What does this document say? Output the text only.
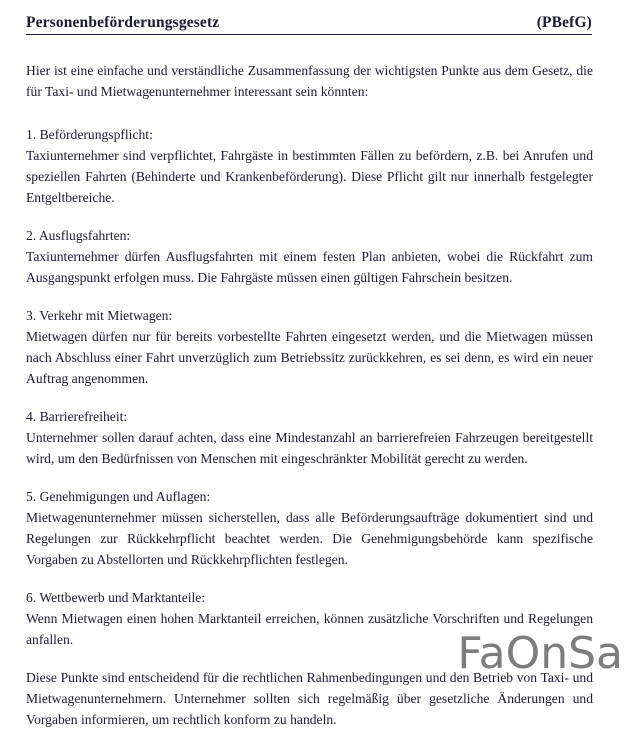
Personenbeförderungsgesetz	(PBefG)

Hier ist eine einfache und verständliche Zusammenfassung der wichtigsten Punkte aus dem Gesetz, die für Taxi- und Mietwagenunternehmer interessant sein könnten:

1. Beförderungspflicht:

Taxiunternehmer sind verpflichtet, Fahrgäste in bestimmten Fällen zu befördern, z.B. bei Anrufen und speziellen Fahrten (Behinderte und Krankenbeförderung). Diese Pflicht gilt nur innerhalb festgelegter Entgeltbereiche.

2. Ausflugsfahrten:

Taxiunternehmer dürfen Ausflugsfahrten mit einem festen Plan anbieten, wobei die Rückfahrt zum Ausgangspunkt erfolgen muss. Die Fahrgäste müssen einen gültigen Fahrschein besitzen.

3. Verkehr mit Mietwagen:

Mietwagen dürfen nur für bereits vorbestellte Fahrten eingesetzt werden, und die Mietwagen müssen nach Abschluss einer Fahrt unverzüglich zum Betriebssitz zurückkehren, es sei denn, es wird ein neuer Auftrag angenommen.

4. Barrierefreiheit:

Unternehmer sollen darauf achten, dass eine Mindestanzahl an barrierefreien Fahrzeugen bereitgestellt wird, um den Bedürfnissen von Menschen mit eingeschränkter Mobilität gerecht zu werden.

5. Genehmigungen und Auflagen:

Mietwagenunternehmer müssen sicherstellen, dass alle Beförderungsaufträge dokumentiert sind und Regelungen zur Rückkehrpflicht beachtet werden. Die Genehmigungsbehörde kann spezifische Vorgaben zu Abstellorten und Rückkehrpflichten festlegen.

6. Wettbewerb und Marktanteile:

Wenn Mietwagen einen hohen Marktanteil erreichen, können zusätzliche Vorschriften und Regelungen anfallen.

Diese Punkte sind entscheidend für die rechtlichen Rahmenbedingungen und den Betrieb von Taxi- und Mietwagenunternehmern. Unternehmer sollten sich regelmäßig über gesetzliche Änderungen und Vorgaben informieren, um rechtlich konform zu handeln.

FaOnSa
